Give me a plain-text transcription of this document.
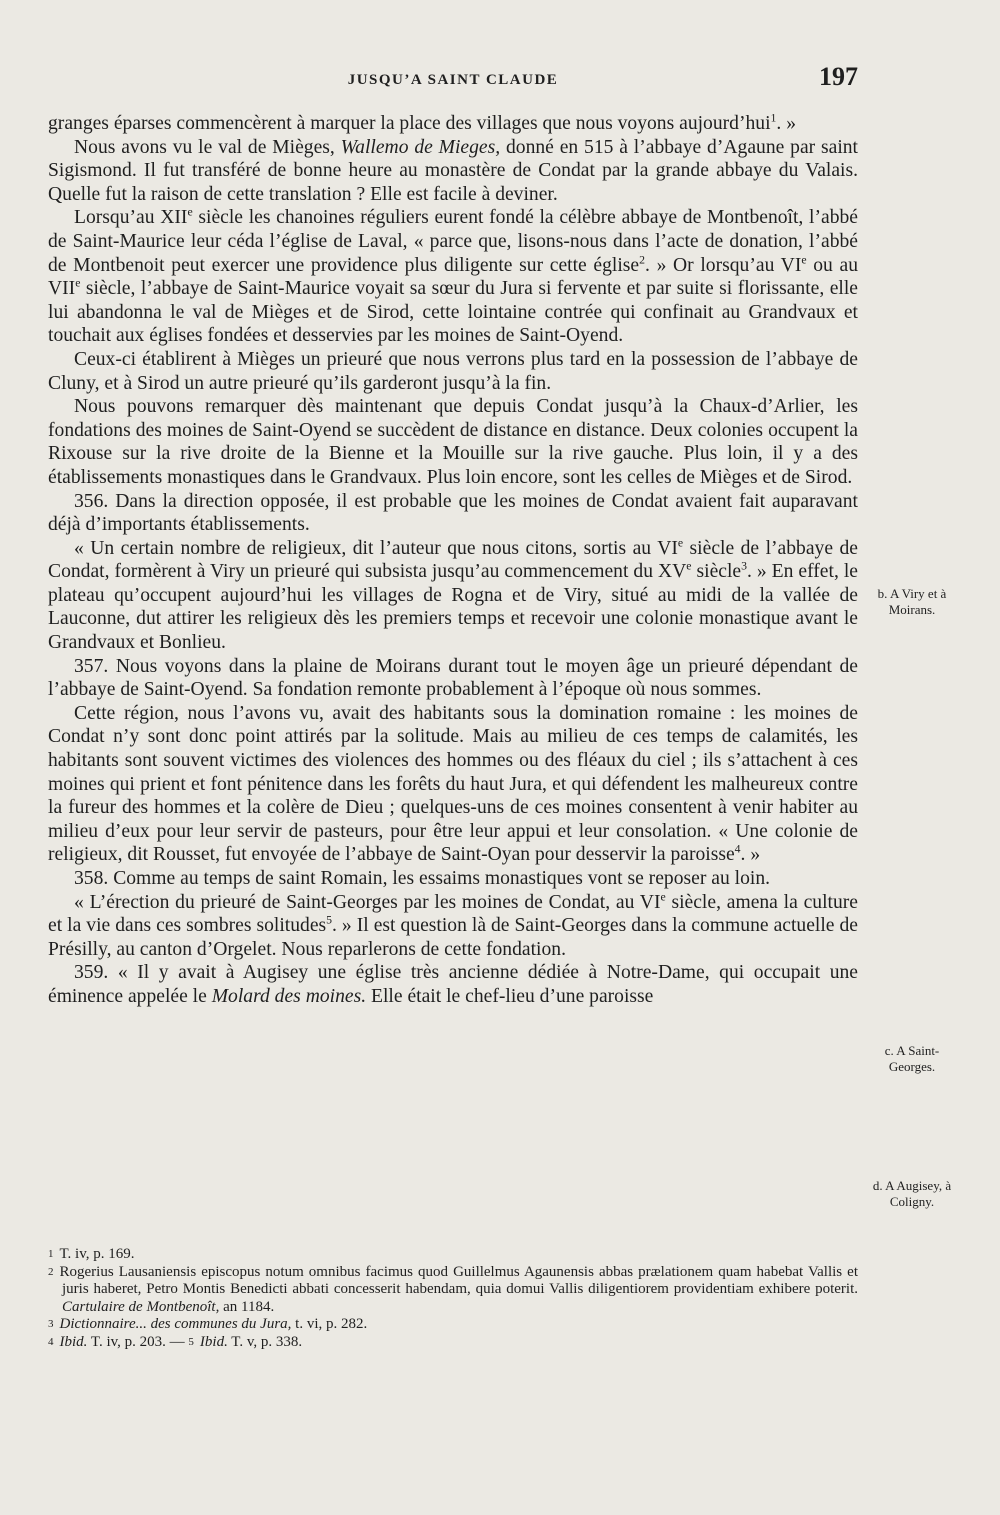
JUSQU’A SAINT CLAUDE	197

granges éparses commencèrent à marquer la place des villages que nous voyons aujourd’hui$^1$. »

Nous avons vu le val de Mièges, Wallemo de Mieges, donné en 515 à l’abbaye d’Agaune par saint Sigismond. Il fut transféré de bonne heure au monastère de Condat par la grande abbaye du Valais. Quelle fut la raison de cette translation ? Elle est facile à deviner.

Lorsqu’au XIIe siècle les chanoines réguliers eurent fondé la célèbre abbaye de Montbenoît, l’abbé de Saint-Maurice leur céda l’église de Laval, « parce que, lisons-nous dans l’acte de donation, l’abbé de Montbenoit peut exercer une providence plus diligente sur cette église$^2$. » Or lorsqu’au VIe ou au VIIe siècle, l’abbaye de Saint-Maurice voyait sa sœur du Jura si fervente et par suite si florissante, elle lui abandonna le val de Mièges et de Sirod, cette lointaine contrée qui confinait au Grandvaux et touchait aux églises fondées et desservies par les moines de Saint-Oyend.

Ceux-ci établirent à Mièges un prieuré que nous verrons plus tard en la possession de l’abbaye de Cluny, et à Sirod un autre prieuré qu’ils garderont jusqu’à la fin.

Nous pouvons remarquer dès maintenant que depuis Condat jusqu’à la Chaux-d’Arlier, les fondations des moines de Saint-Oyend se succèdent de distance en distance. Deux colonies occupent la Rixouse sur la rive droite de la Bienne et la Mouille sur la rive gauche. Plus loin, il y a des établissements monastiques dans le Grandvaux. Plus loin encore, sont les celles de Mièges et de Sirod.

356. Dans la direction opposée, il est probable que les moines de Condat avaient fait auparavant déjà d’importants établissements.

« Un certain nombre de religieux, dit l’auteur que nous citons, sortis au VIe siècle de l’abbaye de Condat, formèrent à Viry un prieuré qui subsista jusqu’au commencement du XVe siècle$^3$. » En effet, le plateau qu’occupent aujourd’hui les villages de Rogna et de Viry, situé au midi de la vallée de Lauconne, dut attirer les religieux dès les premiers temps et recevoir une colonie monastique avant le Grandvaux et Bonlieu.

357. Nous voyons dans la plaine de Moirans durant tout le moyen âge un prieuré dépendant de l’abbaye de Saint-Oyend. Sa fondation remonte probablement à l’époque où nous sommes.

Cette région, nous l’avons vu, avait des habitants sous la domination romaine : les moines de Condat n’y sont donc point attirés par la solitude. Mais au milieu de ces temps de calamités, les habitants sont souvent victimes des violences des hommes ou des fléaux du ciel ; ils s’attachent à ces moines qui prient et font pénitence dans les forêts du haut Jura, et qui défendent les malheureux contre la fureur des hommes et la colère de Dieu ; quelques-uns de ces moines consentent à venir habiter au milieu d’eux pour leur servir de pasteurs, pour être leur appui et leur consolation. « Une colonie de religieux, dit Rousset, fut envoyée de l’abbaye de Saint-Oyan pour desservir la paroisse$^4$. »

358. Comme au temps de saint Romain, les essaims monastiques vont se reposer au loin.

« L’érection du prieuré de Saint-Georges par les moines de Condat, au VIe siècle, amena la culture et la vie dans ces sombres solitudes$^5$. » Il est question là de Saint-Georges dans la commune actuelle de Présilly, au canton d’Orgelet. Nous reparlerons de cette fondation.

359. « Il y avait à Augisey une église très ancienne dédiée à Notre-Dame, qui occupait une éminence appelée le Molard des moines. Elle était le chef-lieu d’une paroisse

b. A Viry et à Moirans.
c. A Saint-Georges.
d. A Augisey, à Coligny.

$^1$ T. iv, p. 169.

$^2$ Rogerius Lausaniensis episcopus notum omnibus facimus quod Guillelmus Agaunensis abbas prælationem quam habebat Vallis et juris haberet, Petro Montis Benedicti abbati concesserit habendam, quia domui Vallis diligentiorem providentiam exhibere poterit. Cartulaire de Montbenoît, an 1184.

$^3$ Dictionnaire... des communes du Jura, t. vi, p. 282.

$^4$ Ibid. T. iv, p. 203. — $^5$ Ibid. T. v, p. 338.
